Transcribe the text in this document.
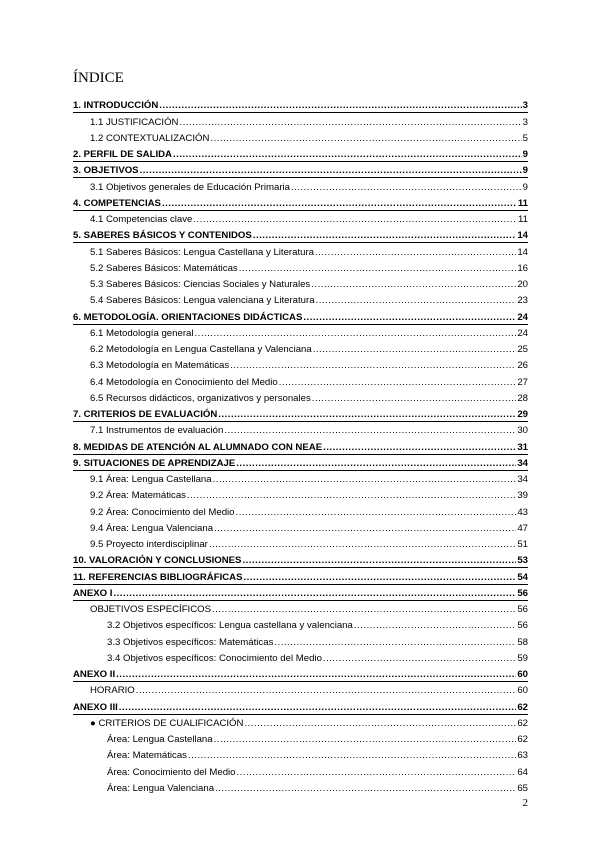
ÍNDICE
1. INTRODUCCIÓN .....	3
1.1 JUSTIFICACIÓN .....	3
1.2 CONTEXTUALIZACIÓN .....	5
2. PERFIL DE SALIDA .....	9
3. OBJETIVOS .....	9
3.1 Objetivos generales de Educación Primaria .....	9
4. COMPETENCIAS .....	11
4.1 Competencias clave .....	11
5. SABERES BÁSICOS Y CONTENIDOS .....	14
5.1 Saberes Básicos: Lengua Castellana y Literatura .....	14
5.2 Saberes Básicos: Matemáticas .....	16
5.3 Saberes Básicos: Ciencias Sociales y Naturales .....	20
5.4 Saberes Básicos: Lengua valenciana y Literatura .....	23
6. METODOLOGÍA. ORIENTACIONES DIDÁCTICAS .....	24
6.1 Metodología general .....	24
6.2 Metodología en Lengua Castellana y Valenciana .....	25
6.3 Metodología en Matemáticas .....	26
6.4 Metodología en Conocimiento del Medio .....	27
6.5 Recursos didácticos, organizativos y personales .....	28
7. CRITERIOS DE EVALUACIÓN .....	29
7.1 Instrumentos de evaluación .....	30
8. MEDIDAS DE ATENCIÓN AL ALUMNADO CON NEAE .....	31
9. SITUACIONES DE APRENDIZAJE .....	34
9.1 Área: Lengua Castellana .....	34
9.2 Área: Matemáticas .....	39
9.2 Área: Conocimiento del Medio .....	43
9.4 Área: Lengua Valenciana .....	47
9.5 Proyecto interdisciplinar .....	51
10. VALORACIÓN Y CONCLUSIONES .....	53
11. REFERENCIAS BIBLIOGRÁFICAS .....	54
ANEXO I .....	56
OBJETIVOS ESPECÍFICOS .....	56
3.2 Objetivos específicos: Lengua castellana y valenciana .....	56
3.3 Objetivos específicos: Matemáticas .....	58
3.4 Objetivos específicos: Conocimiento del Medio .....	59
ANEXO II .....	60
HORARIO .....	60
ANEXO III .....	62
● CRITERIOS DE CUALIFICACIÓN .....	62
Área: Lengua Castellana .....	62
Área: Matemáticas .....	63
Área: Conocimiento del Medio .....	64
Área: Lengua Valenciana .....	65
2
